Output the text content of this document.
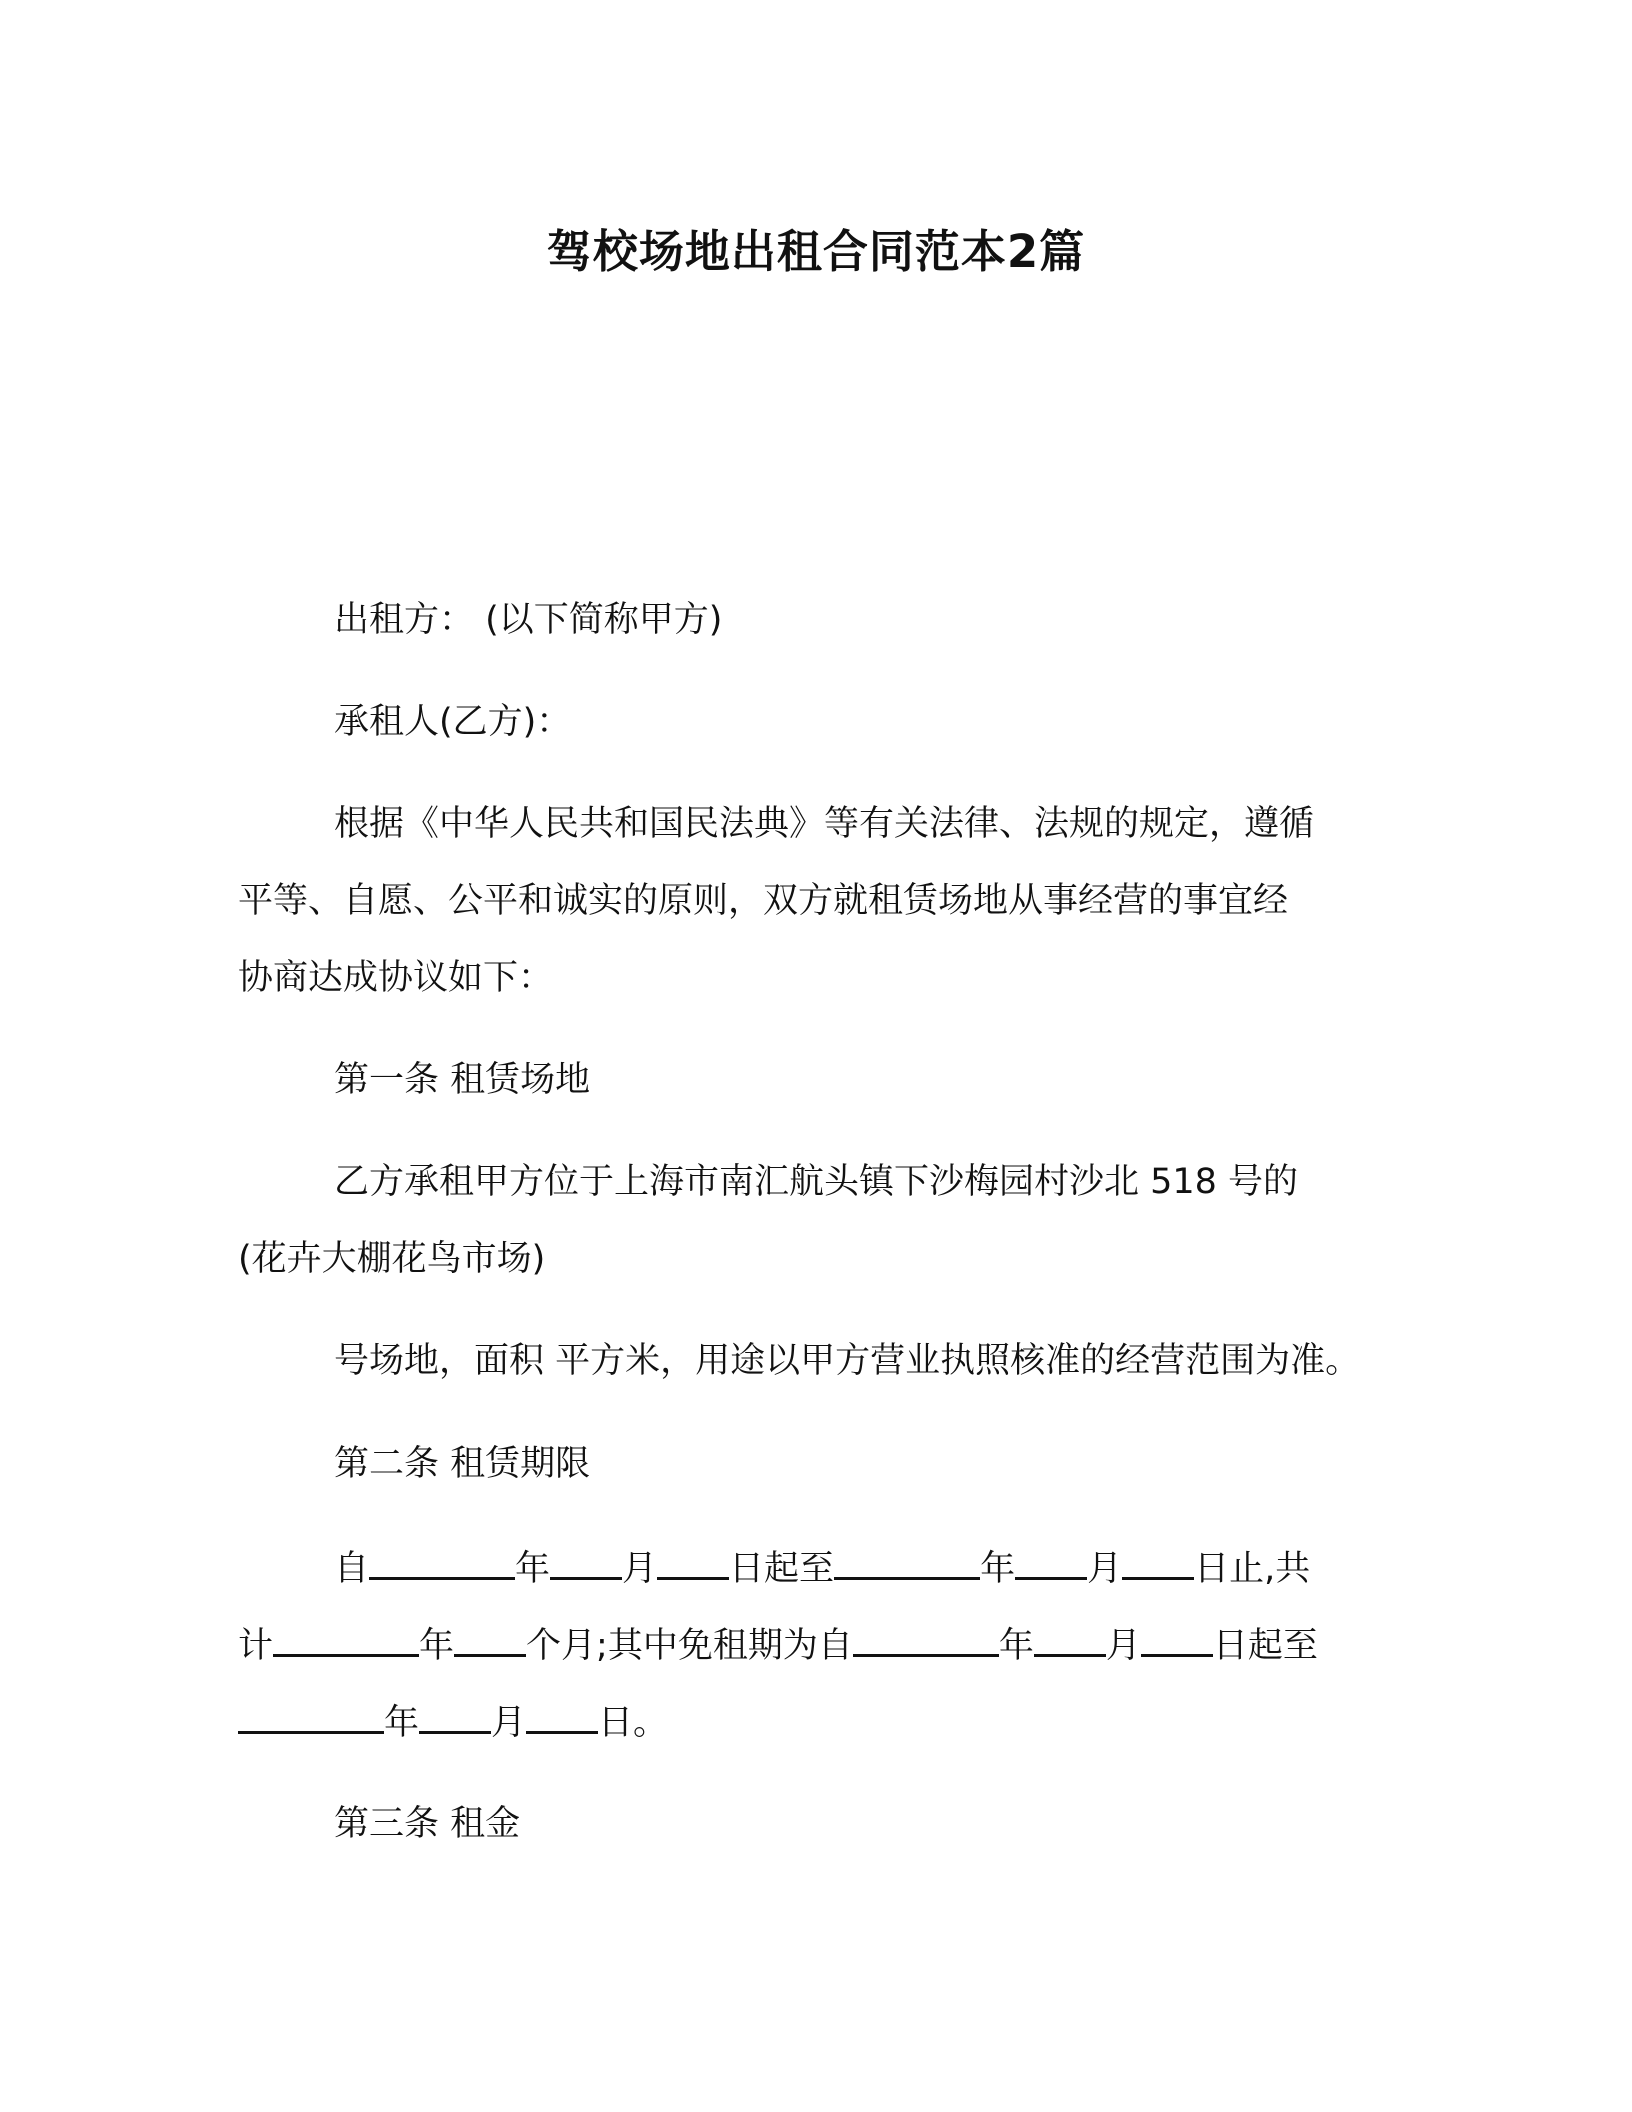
驾校场地出租合同范本2篇
出租方： (以下简称甲方)
承租人(乙方)：
根据《中华人民共和国民法典》等有关法律、法规的规定，遵循
平等、自愿、公平和诚实的原则，双方就租赁场地从事经营的事宜经
协商达成协议如下：
第一条 租赁场地
乙方承租甲方位于上海市南汇航头镇下沙梅园村沙北 518 号的
(花卉大棚花鸟市场)
号场地，面积 平方米，用途以甲方营业执照核准的经营范围为准。
第二条 租赁期限
自	年 月 日起至	年 月 日止,共
计	年 个月;其中免租期为自	年 月 日起至
年 月 日。
第三条 租金
